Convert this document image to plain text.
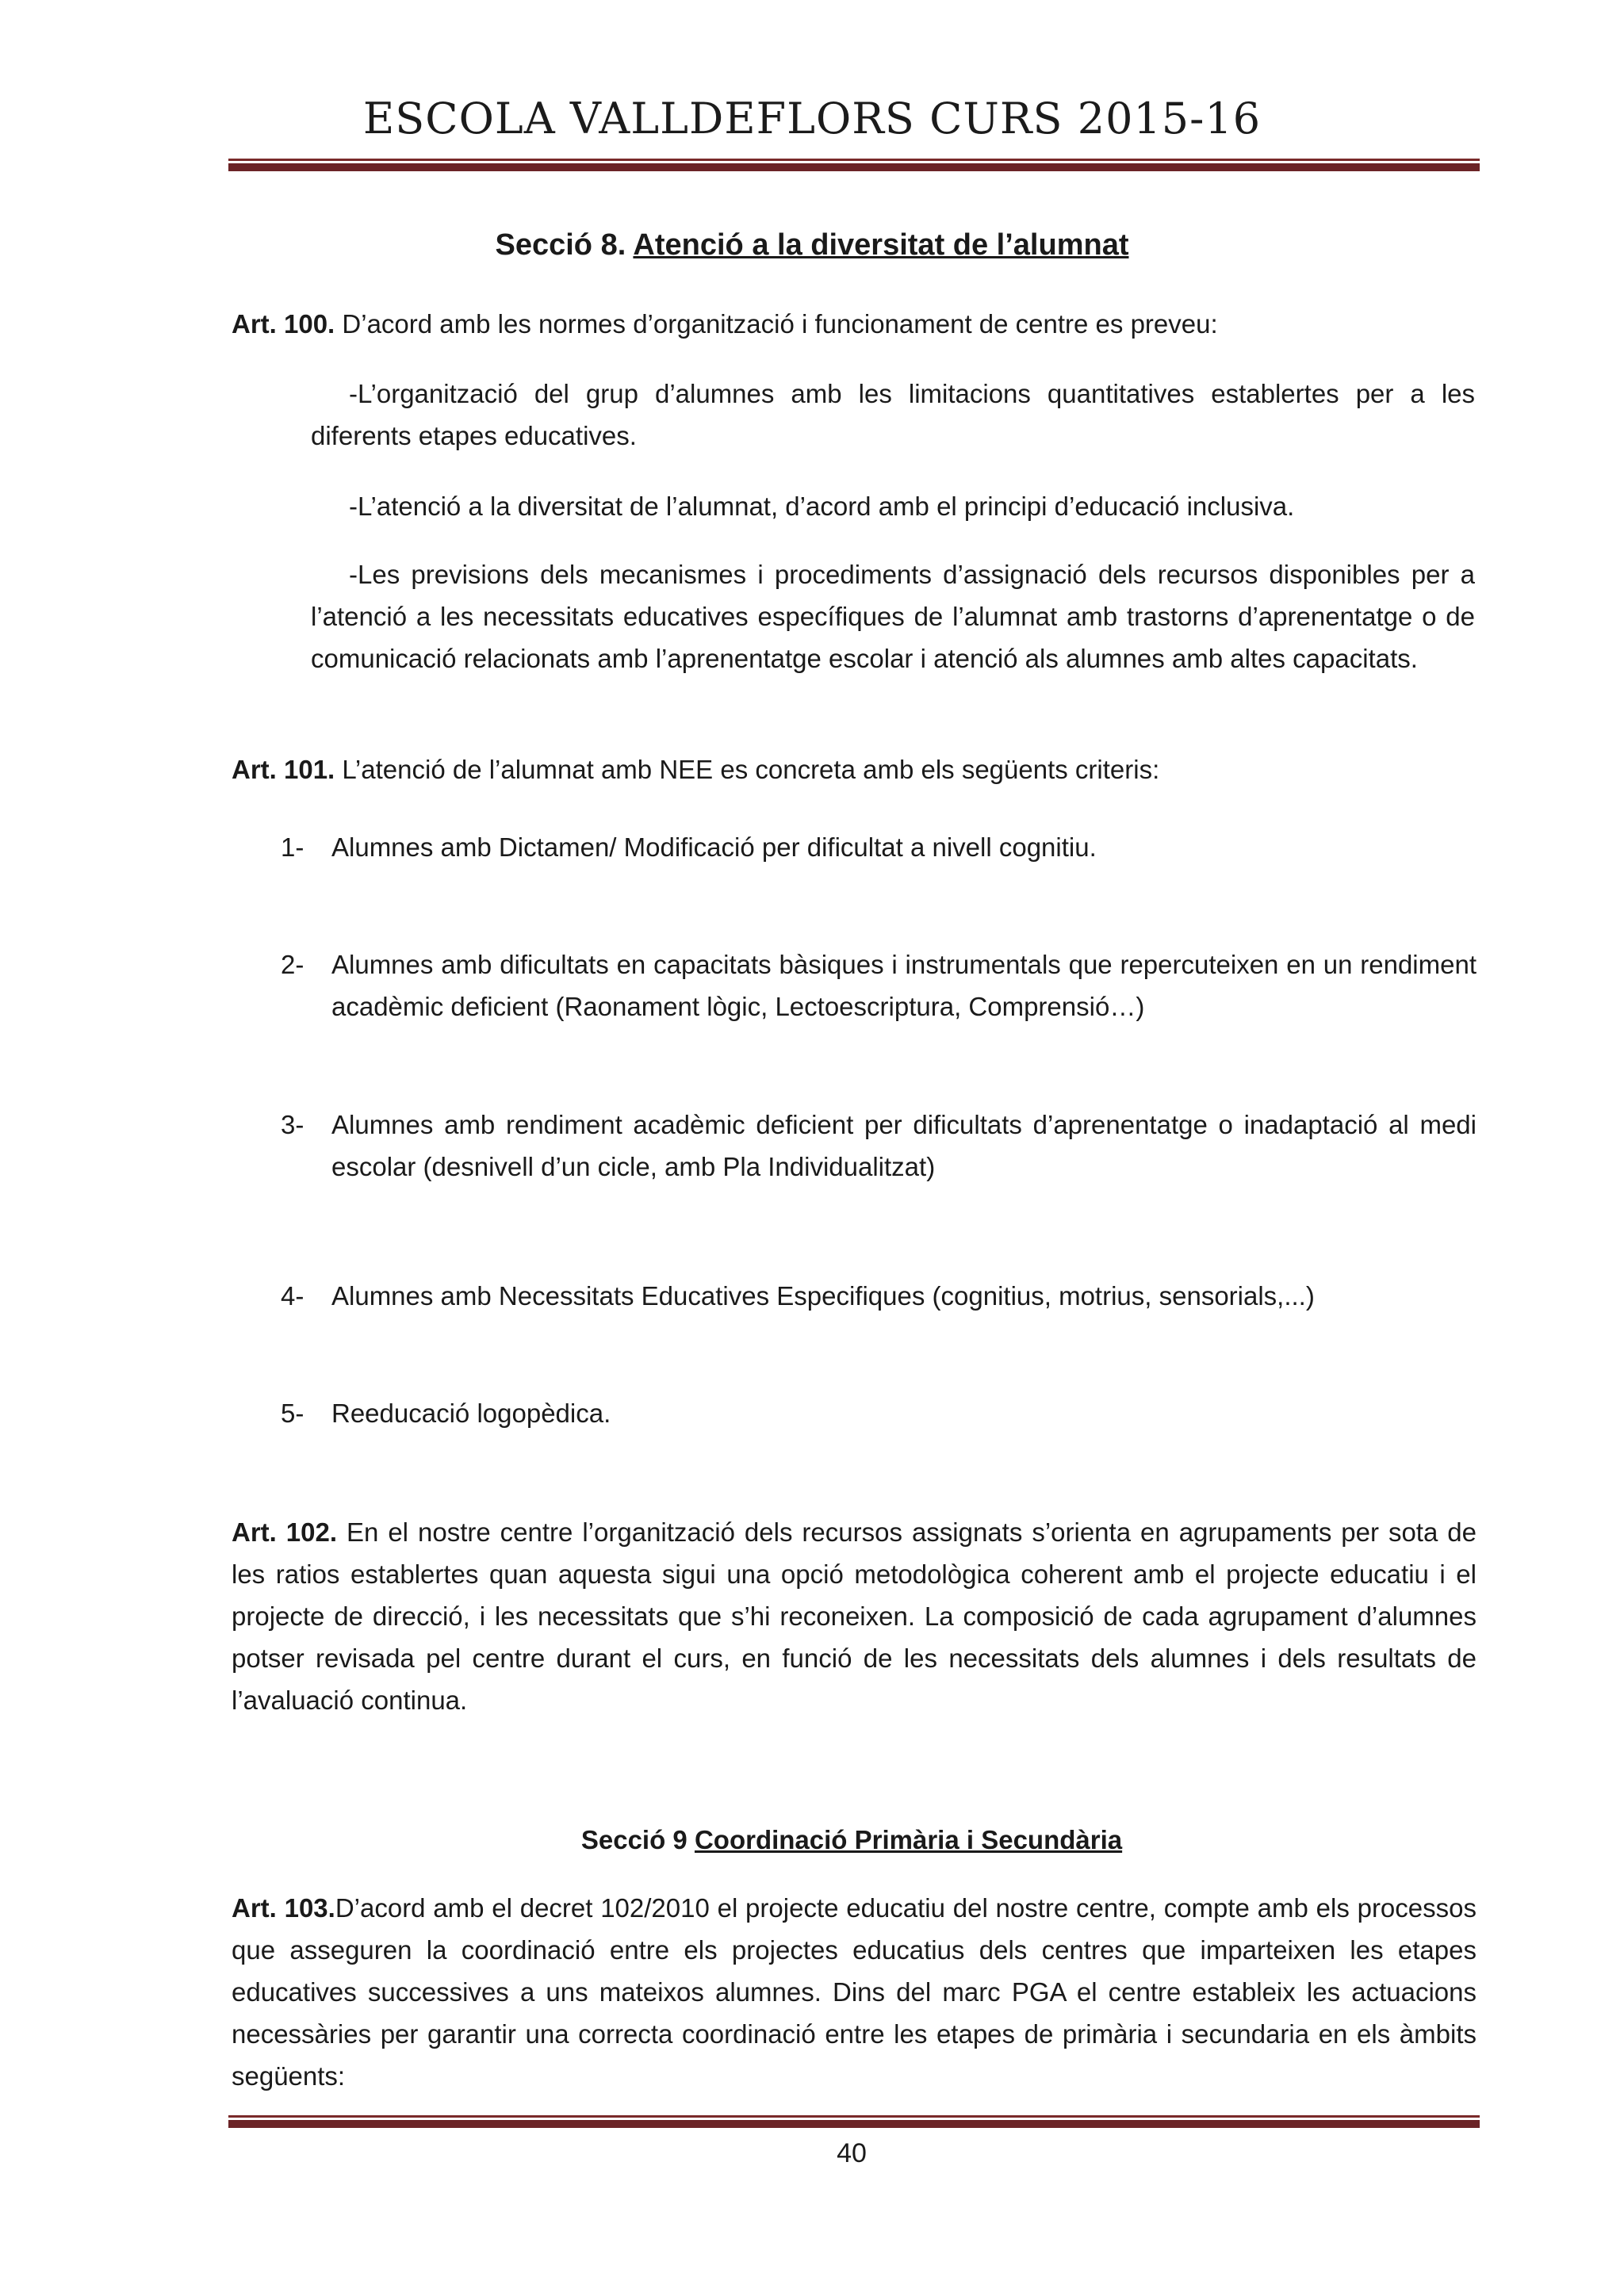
ESCOLA VALLDEFLORS CURS 2015-16
Secció 8. Atenció a la diversitat de l’alumnat
Art. 100. D’acord amb les normes d’organització i funcionament de centre es preveu:
-L’organització del grup d’alumnes amb les limitacions quantitatives establertes per a les diferents etapes educatives.
-L’atenció a la diversitat de l’alumnat, d’acord amb el principi d’educació inclusiva.
-Les previsions dels mecanismes i procediments d’assignació dels recursos disponibles per a l’atenció a les necessitats educatives específiques de l’alumnat amb trastorns d’aprenentatge o de comunicació relacionats amb l’aprenentatge escolar i atenció als alumnes amb altes capacitats.
Art. 101. L’atenció de l’alumnat amb NEE es concreta amb els següents criteris:
1-	Alumnes amb Dictamen/ Modificació per dificultat a nivell cognitiu.
2-	Alumnes amb dificultats en capacitats bàsiques i instrumentals que repercuteixen en un rendiment acadèmic deficient (Raonament lògic, Lectoescriptura, Comprensió…)
3-	Alumnes amb rendiment acadèmic deficient per dificultats d’aprenentatge o inadaptació al medi escolar (desnivell d’un cicle, amb Pla Individualitzat)
4-	Alumnes amb Necessitats Educatives Especifiques (cognitius, motrius, sensorials,...)
5-	Reeducació logopèdica.
Art. 102. En el nostre centre l’organització dels recursos assignats s’orienta en agrupaments per sota de les ratios establertes quan aquesta sigui una opció metodològica coherent amb el projecte educatiu i el projecte de direcció, i les necessitats que s’hi reconeixen. La composició de cada agrupament d’alumnes potser revisada pel centre durant el curs, en funció de les necessitats dels alumnes i dels resultats de l’avaluació continua.
Secció 9 Coordinació Primària i Secundària
Art. 103.D’acord amb el decret 102/2010 el projecte educatiu del nostre centre, compte amb els processos que asseguren la coordinació entre els projectes educatius dels centres que imparteixen les etapes educatives successives a uns mateixos alumnes. Dins del marc PGA el centre estableix les actuacions necessàries per garantir una correcta coordinació entre les etapes de primària i secundaria en els àmbits següents:
40
